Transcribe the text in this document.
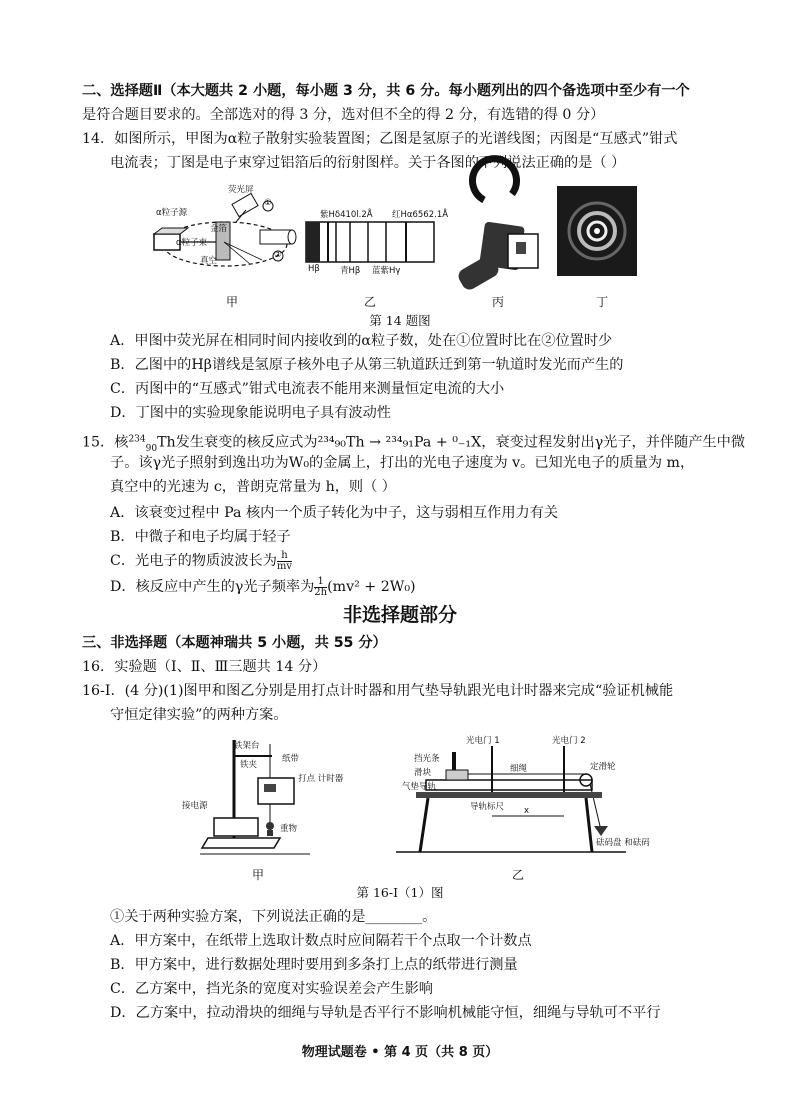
二、选择题Ⅱ（本大题共 2 小题，每小题 3 分，共 6 分。每小题列出的四个备选项中至少有一个
是符合题目要求的。全部选对的得 3 分，选对但不全的得 2 分，有选错的得 0 分）
14．如图所示，甲图为α粒子散射实验装置图；乙图是氢原子的光谱线图；丙图是“互感式”钳式
电流表；丁图是电子束穿过铝箔后的衍射图样。关于各图的下列说法正确的是（ ）
荧光屏
α粒子源
金箔
α粒子束
真空
①
②
紫Hδ410l.2Å 红Hα6562.1Å
Hβ 青Hβ 蓝紫Hγ
甲	乙	丙	丁
第 14 题图
A．甲图中荧光屏在相同时间内接收到的α粒子数，处在①位置时比在②位置时少
B．乙图中的Hβ谱线是氢原子核外电子从第三轨道跃迁到第一轨道时发光而产生的
C．丙图中的“互感式”钳式电流表不能用来测量恒定电流的大小
D．丁图中的实验现象能说明电子具有波动性
15．核$^{234}_{90}$Th发生衰变的核反应式为²³⁴₉₀Th → ²³⁴₉₁Pa + ⁰₋₁X，衰变过程发射出γ光子，并伴随产生中微
子。该γ光子照射到逸出功为W₀的金属上，打出的光电子速度为 v。已知光电子的质量为 m，
真空中的光速为 c，普朗克常量为 h，则（ ）
A．该衰变过程中 Pa 核内一个质子转化为中子，这与弱相互作用力有关
B．中微子和电子均属于轻子
C．光电子的物质波波长为 $\frac{h}{mv}$
D．核反应中产生的γ光子频率为 $\frac{1}{2h} (mv^2 + 2W_0)$
非选择题部分
三、非选择题（本题神瑞共 5 小题，共 55 分）
16．实验题（Ⅰ、Ⅱ、Ⅲ三题共 14 分）
16-Ⅰ．(4 分)(1)图甲和图乙分别是用打点计时器和用气垫导轨跟光电计时器来完成“验证机械能
守恒定律实验”的两种方案。
铁架台
铁夹
纸带
打点 计时器
接电源
重物
光电门 1	光电门 2
挡光条
滑块
气垫导轨
细绳	定滑轮
导轨标尺 x
砝码盘 和砝码
甲	乙
第 16-Ⅰ（1）图
①关于两种实验方案，下列说法正确的是________。
A．甲方案中，在纸带上选取计数点时应间隔若干个点取一个计数点
B．甲方案中，进行数据处理时要用到多条打上点的纸带进行测量
C．乙方案中，挡光条的宽度对实验误差会产生影响
D．乙方案中，拉动滑块的细绳与导轨是否平行不影响机械能守恒，细绳与导轨可不平行
物理试题卷 • 第 4 页（共 8 页）
